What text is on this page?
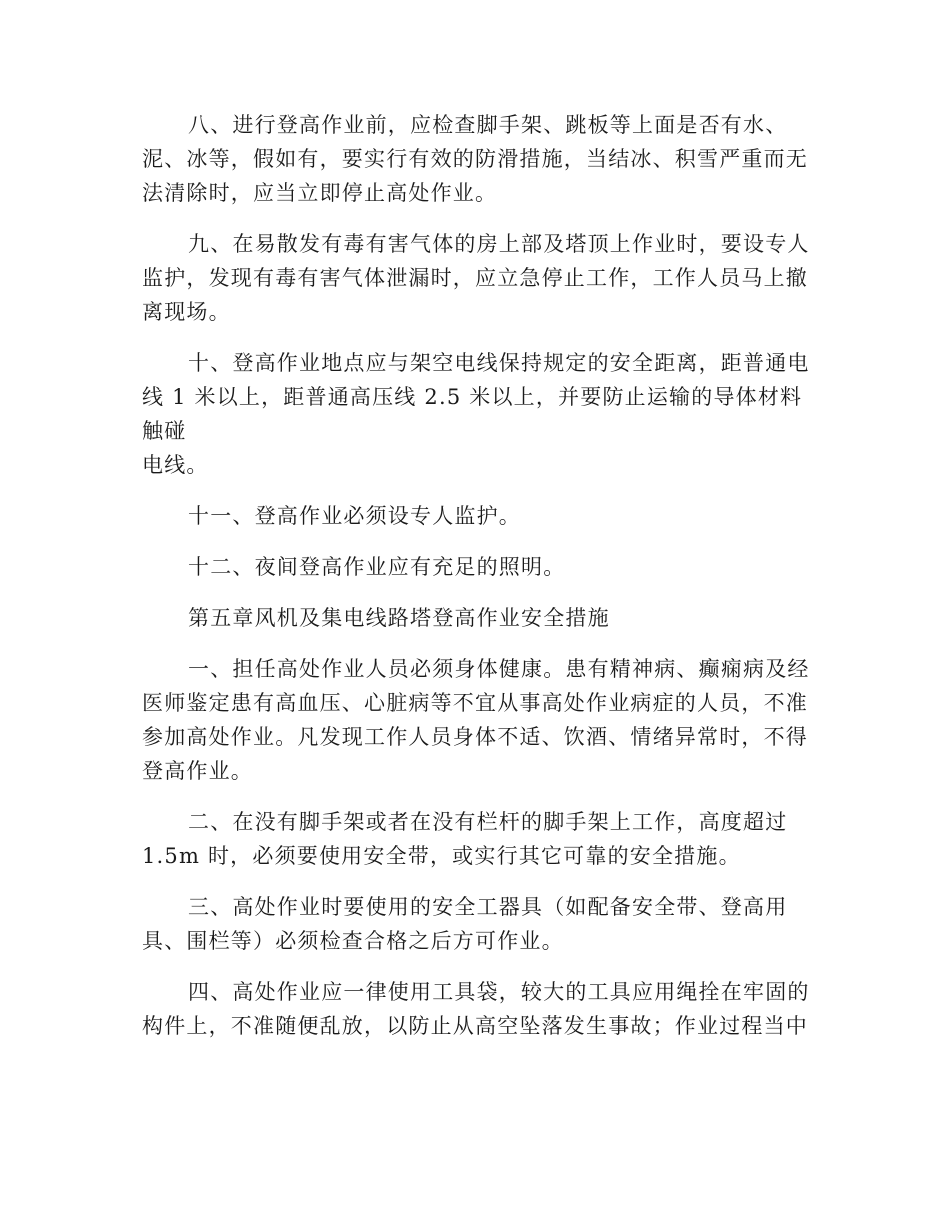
八、进行登高作业前，应检查脚手架、跳板等上面是否有水、
泥、冰等，假如有，要实行有效的防滑措施，当结冰、积雪严重而无
法清除时，应当立即停止高处作业。
九、在易散发有毒有害气体的房上部及塔顶上作业时，要设专人
监护，发现有毒有害气体泄漏时，应立急停止工作，工作人员马上撤
离现场。
十、登高作业地点应与架空电线保持规定的安全距离，距普通电
线 1 米以上，距普通高压线 2.5 米以上，并要防止运输的导体材料触碰
电线。
十一、登高作业必须设专人监护。
十二、夜间登高作业应有充足的照明。
第五章风机及集电线路塔登高作业安全措施
一、担任高处作业人员必须身体健康。患有精神病、癫痫病及经
医师鉴定患有高血压、心脏病等不宜从事高处作业病症的人员，不准
参加高处作业。凡发现工作人员身体不适、饮酒、情绪异常时，不得
登高作业。
二、在没有脚手架或者在没有栏杆的脚手架上工作，高度超过
1.5m 时，必须要使用安全带，或实行其它可靠的安全措施。
三、高处作业时要使用的安全工器具（如配备安全带、登高用
具、围栏等）必须检查合格之后方可作业。
四、高处作业应一律使用工具袋，较大的工具应用绳拴在牢固的
构件上，不准随便乱放，以防止从高空坠落发生事故；作业过程当中
